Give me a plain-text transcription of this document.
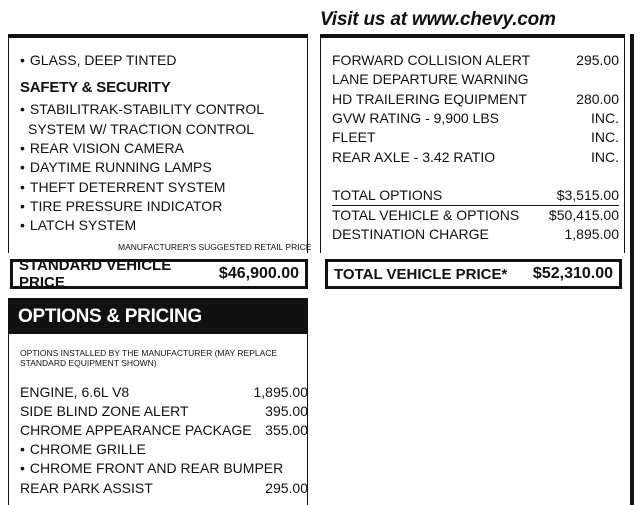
Visit us at www.chevy.com
• GLASS, DEEP TINTED
SAFETY & SECURITY
• STABILITRAK-STABILITY CONTROL
SYSTEM W/ TRACTION CONTROL
• REAR VISION CAMERA
• DAYTIME RUNNING LAMPS
• THEFT DETERRENT SYSTEM
• TIRE PRESSURE INDICATOR
• LATCH SYSTEM
MANUFACTURER'S SUGGESTED RETAIL PRICE
STANDARD VEHICLE PRICE
$46,900.00
OPTIONS & PRICING
OPTIONS INSTALLED BY THE MANUFACTURER (MAY REPLACE
STANDARD EQUIPMENT SHOWN)
ENGINE, 6.6L V8	1,895.00
SIDE BLIND ZONE ALERT	395.00
CHROME APPEARANCE PACKAGE 355.00
• CHROME GRILLE
• CHROME FRONT AND REAR BUMPER
REAR PARK ASSIST	295.00
FORWARD COLLISION ALERT	295.00
LANE DEPARTURE WARNING
HD TRAILERING EQUIPMENT	280.00
GVW RATING - 9,900 LBS	INC.
FLEET	INC.
REAR AXLE - 3.42 RATIO	INC.
TOTAL OPTIONS	$3,515.00
TOTAL VEHICLE & OPTIONS $50,415.00
DESTINATION CHARGE	1,895.00
TOTAL VEHICLE PRICE* $52,310.00
